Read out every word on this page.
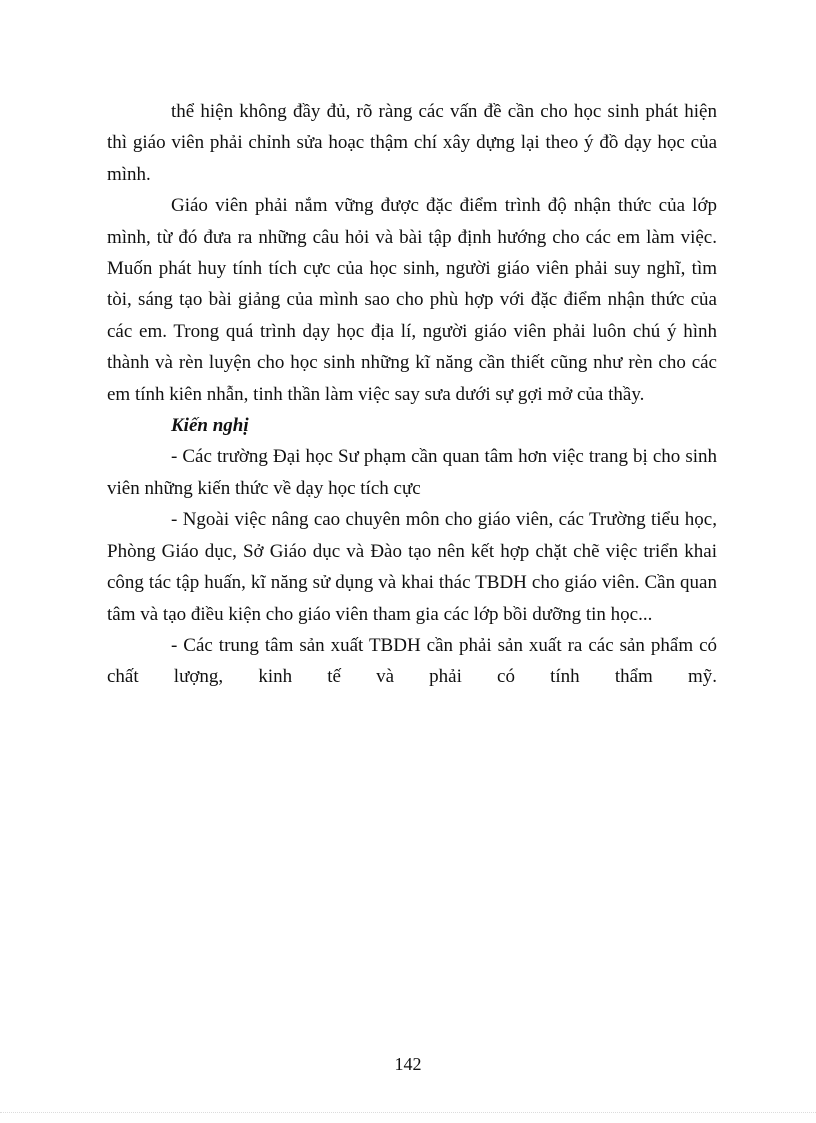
thể hiện không đầy đủ, rõ ràng các vấn đề cần cho học sinh phát hiện thì giáo viên phải chỉnh sửa hoạc thậm chí xây dựng lại theo ý đồ dạy học của mình.

Giáo viên phải nắm vững được đặc điểm trình độ nhận thức của lớp mình, từ đó đưa ra những câu hỏi và bài tập định hướng cho các em làm việc. Muốn phát huy tính tích cực của học sinh, người giáo viên phải suy nghĩ, tìm tòi, sáng tạo bài giảng của mình sao cho phù hợp với đặc điểm nhận thức của các em. Trong quá trình dạy học địa lí, người giáo viên phải luôn chú ý hình thành và rèn luyện cho học sinh những kĩ năng cần thiết cũng như rèn cho các em tính kiên nhẫn, tinh thần làm việc say sưa dưới sự gợi mở của thầy.

Kiến nghị

- Các trường Đại học Sư phạm cần quan tâm hơn việc trang bị cho sinh viên những kiến thức về dạy học tích cực

- Ngoài việc nâng cao chuyên môn cho giáo viên, các Trường tiểu học, Phòng Giáo dục, Sở Giáo dục và Đào tạo nên kết hợp chặt chẽ việc triển khai công tác tập huấn, kĩ năng sử dụng và khai thác TBDH cho giáo viên. Cần quan tâm và tạo điều kiện cho giáo viên tham gia các lớp bồi dưỡng tin học...

- Các trung tâm sản xuất TBDH cần phải sản xuất ra các sản phẩm có chất lượng, kinh tế và phải có tính thẩm mỹ.

142
